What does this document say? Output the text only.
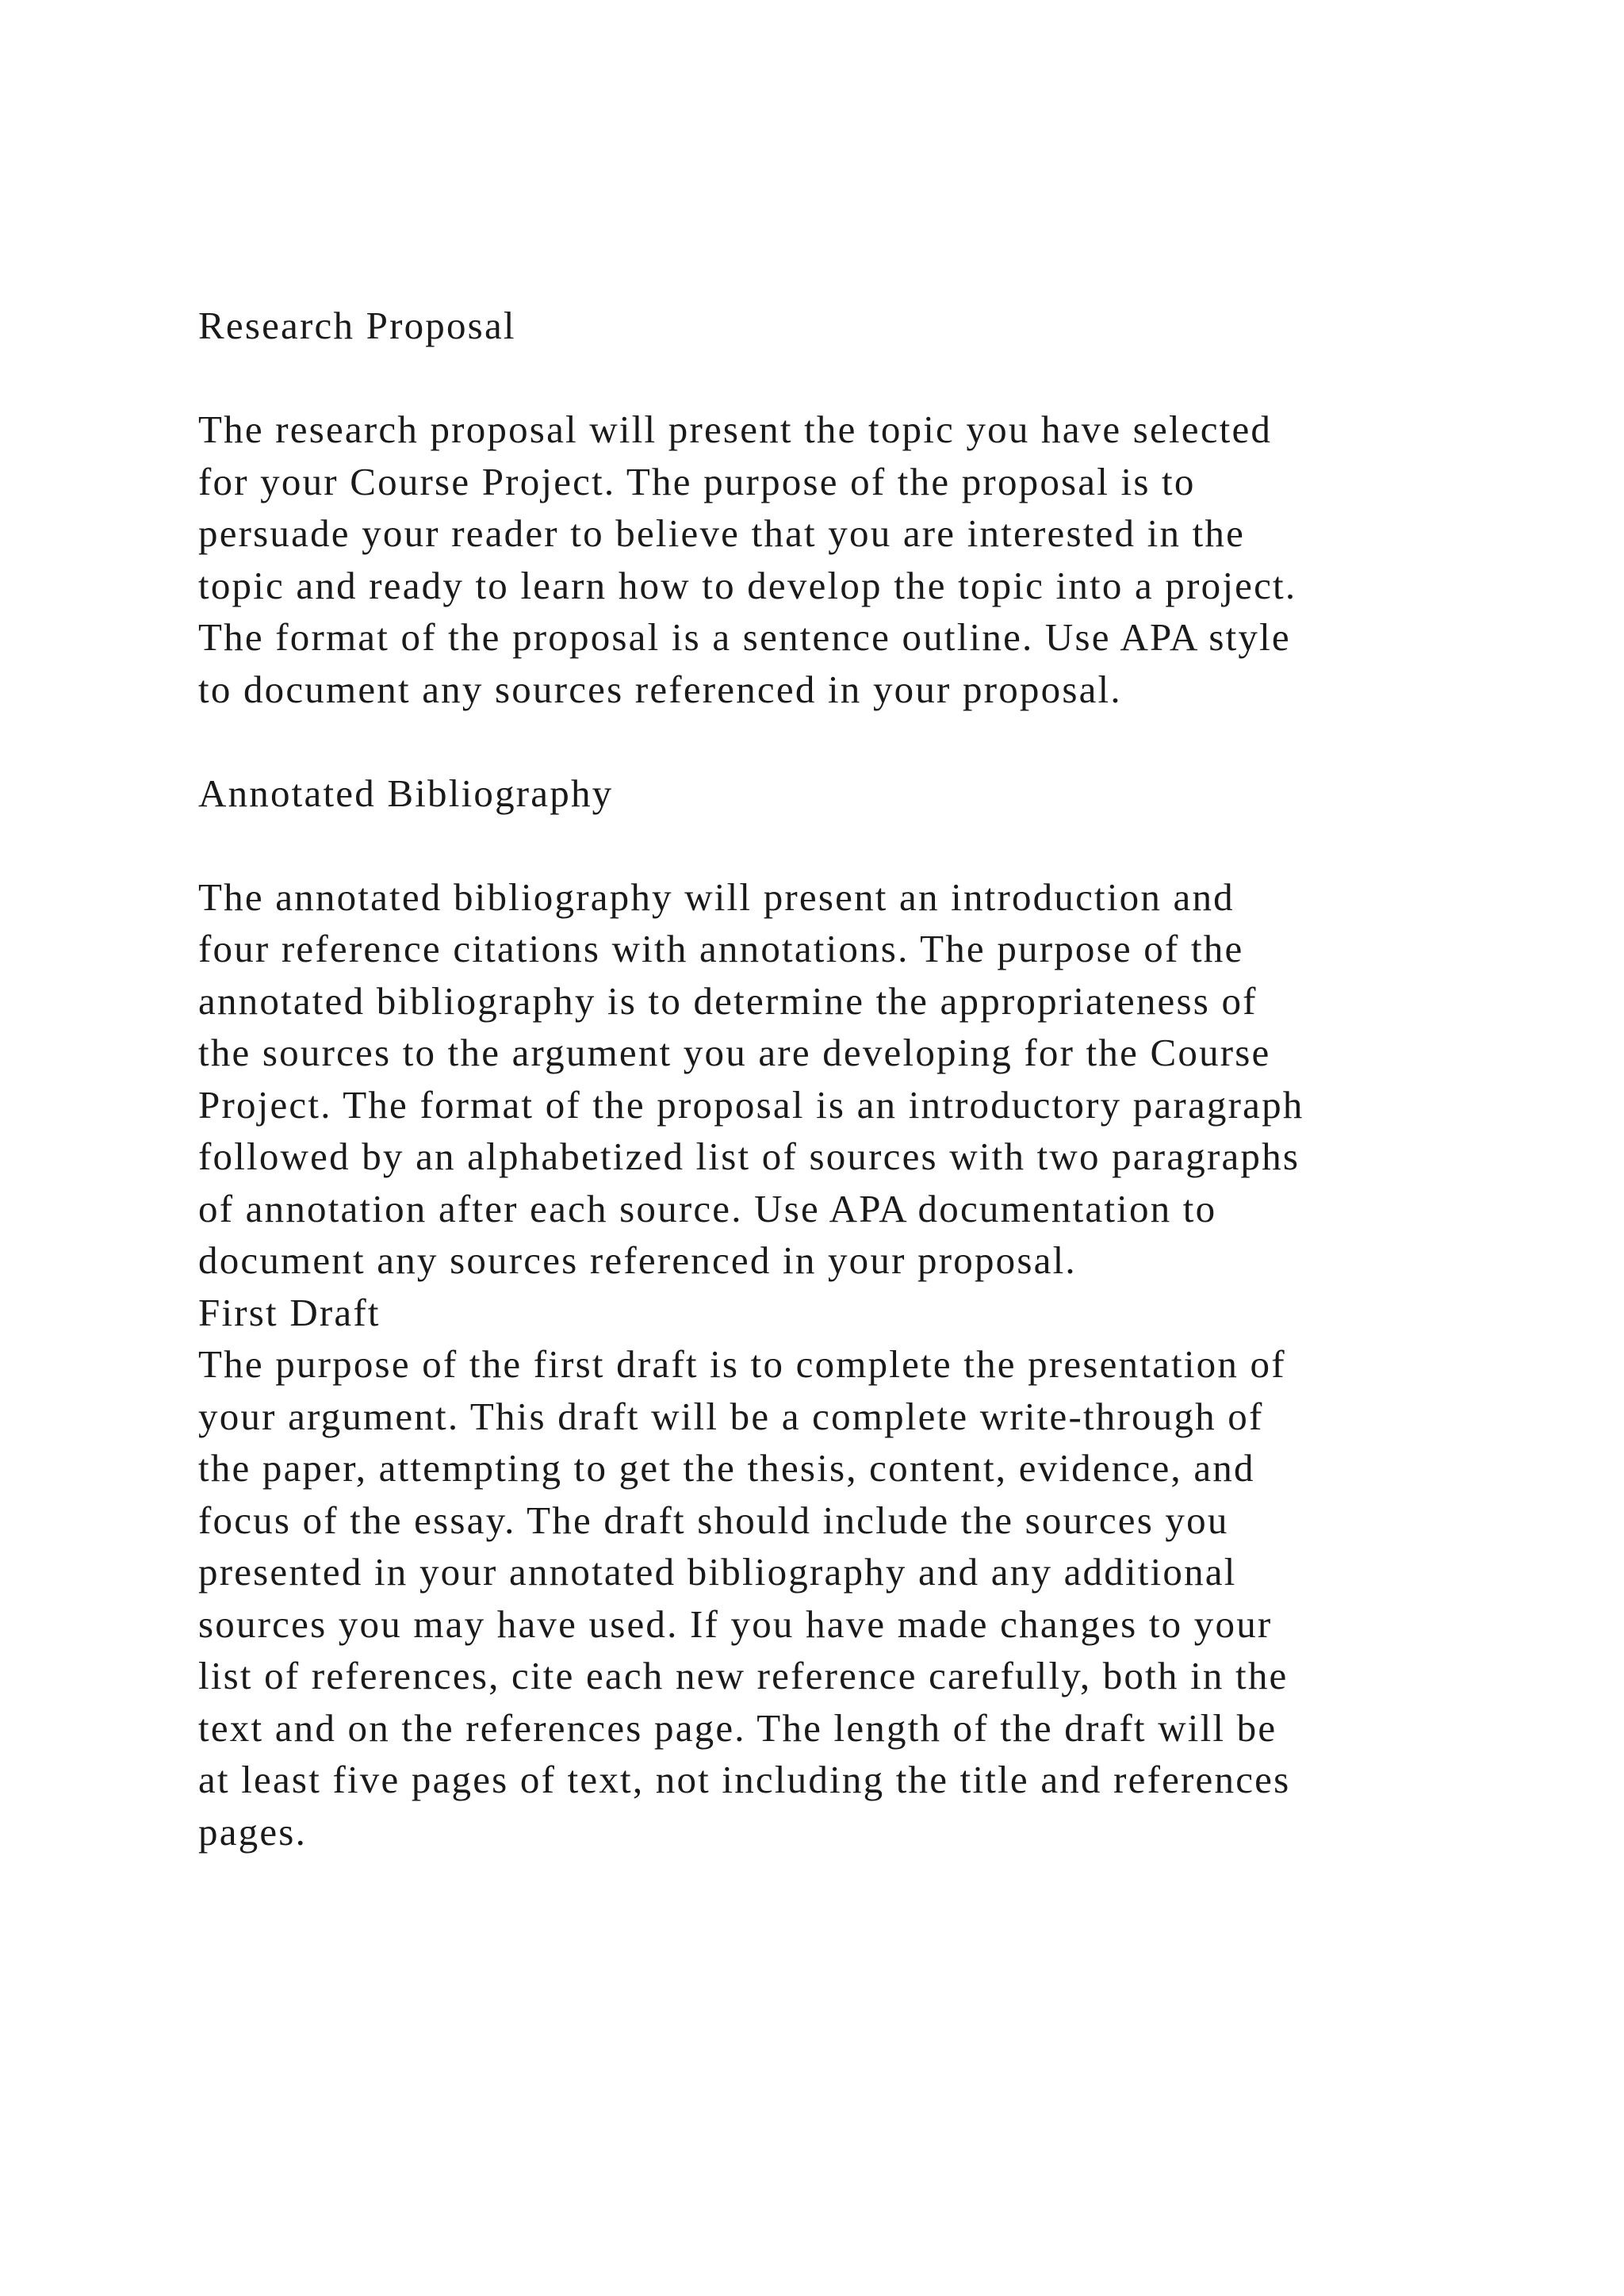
Research Proposal
The research proposal will present the topic you have selected
for your Course Project. The purpose of the proposal is to
persuade your reader to believe that you are interested in the
topic and ready to learn how to develop the topic into a project.
The format of the proposal is a sentence outline. Use APA style
to document any sources referenced in your proposal.
Annotated Bibliography
The annotated bibliography will present an introduction and
four reference citations with annotations. The purpose of the
annotated bibliography is to determine the appropriateness of
the sources to the argument you are developing for the Course
Project. The format of the proposal is an introductory paragraph
followed by an alphabetized list of sources with two paragraphs
of annotation after each source. Use APA documentation to
document any sources referenced in your proposal.
First Draft
The purpose of the first draft is to complete the presentation of
your argument. This draft will be a complete write-through of
the paper, attempting to get the thesis, content, evidence, and
focus of the essay. The draft should include the sources you
presented in your annotated bibliography and any additional
sources you may have used. If you have made changes to your
list of references, cite each new reference carefully, both in the
text and on the references page. The length of the draft will be
at least five pages of text, not including the title and references
pages.
